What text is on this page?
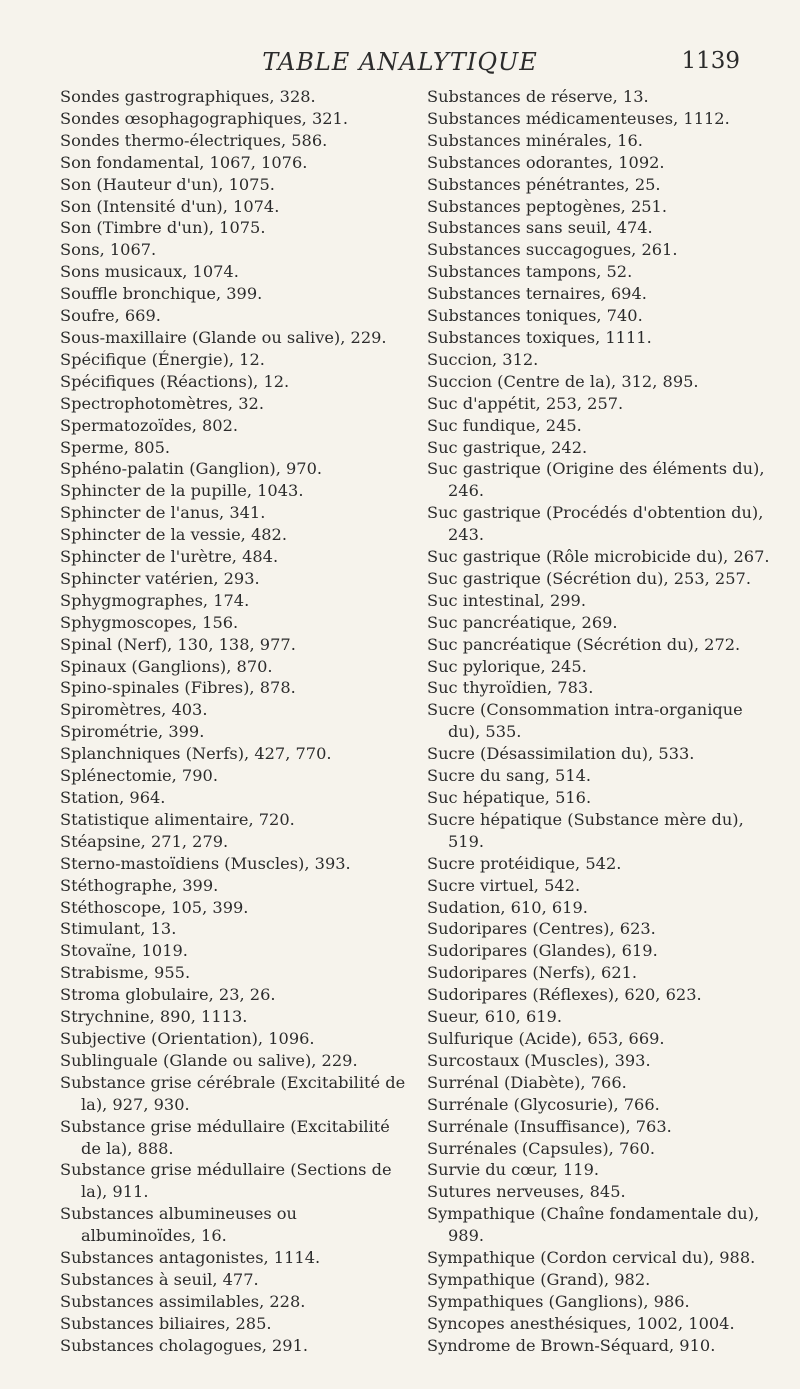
TABLE ANALYTIQUE	1139
Sondes gastrographiques, 328.
Sondes œsophagographiques, 321.
Sondes thermo-électriques, 586.
Son fondamental, 1067, 1076.
Son (Hauteur d'un), 1075.
Son (Intensité d'un), 1074.
Son (Timbre d'un), 1075.
Sons, 1067.
Sons musicaux, 1074.
Souffle bronchique, 399.
Soufre, 669.
Sous-maxillaire (Glande ou salive), 229.
Spécifique (Énergie), 12.
Spécifiques (Réactions), 12.
Spectrophotomètres, 32.
Spermatozoïdes, 802.
Sperme, 805.
Sphéno-palatin (Ganglion), 970.
Sphincter de la pupille, 1043.
Sphincter de l'anus, 341.
Sphincter de la vessie, 482.
Sphincter de l'urètre, 484.
Sphincter vatérien, 293.
Sphygmographes, 174.
Sphygmoscopes, 156.
Spinal (Nerf), 130, 138, 977.
Spinaux (Ganglions), 870.
Spino-spinales (Fibres), 878.
Spiromètres, 403.
Spirométrie, 399.
Splanchniques (Nerfs), 427, 770.
Splénectomie, 790.
Station, 964.
Statistique alimentaire, 720.
Stéapsine, 271, 279.
Sterno-mastoïdiens (Muscles), 393.
Stéthographe, 399.
Stéthoscope, 105, 399.
Stimulant, 13.
Stovaïne, 1019.
Strabisme, 955.
Stroma globulaire, 23, 26.
Strychnine, 890, 1113.
Subjective (Orientation), 1096.
Sublinguale (Glande ou salive), 229.
Substance grise cérébrale (Excitabilité de la), 927, 930.
Substance grise médullaire (Excitabilité de la), 888.
Substance grise médullaire (Sections de la), 911.
Substances albumineuses ou albuminoïdes, 16.
Substances antagonistes, 1114.
Substances à seuil, 477.
Substances assimilables, 228.
Substances biliaires, 285.
Substances cholagogues, 291.
Substances de réserve, 13.
Substances médicamenteuses, 1112.
Substances minérales, 16.
Substances odorantes, 1092.
Substances pénétrantes, 25.
Substances peptogènes, 251.
Substances sans seuil, 474.
Substances succagogues, 261.
Substances tampons, 52.
Substances ternaires, 694.
Substances toniques, 740.
Substances toxiques, 1111.
Succion, 312.
Succion (Centre de la), 312, 895.
Suc d'appétit, 253, 257.
Suc fundique, 245.
Suc gastrique, 242.
Suc gastrique (Origine des éléments du), 246.
Suc gastrique (Procédés d'obtention du), 243.
Suc gastrique (Rôle microbicide du), 267.
Suc gastrique (Sécrétion du), 253, 257.
Suc intestinal, 299.
Suc pancréatique, 269.
Suc pancréatique (Sécrétion du), 272.
Suc pylorique, 245.
Suc thyroïdien, 783.
Sucre (Consommation intra-organique du), 535.
Sucre (Désassimilation du), 533.
Sucre du sang, 514.
Suc hépatique, 516.
Sucre hépatique (Substance mère du), 519.
Sucre protéidique, 542.
Sucre virtuel, 542.
Sudation, 610, 619.
Sudoripares (Centres), 623.
Sudoripares (Glandes), 619.
Sudoripares (Nerfs), 621.
Sudoripares (Réflexes), 620, 623.
Sueur, 610, 619.
Sulfurique (Acide), 653, 669.
Surcostaux (Muscles), 393.
Surrénal (Diabète), 766.
Surrénale (Glycosurie), 766.
Surrénale (Insuffisance), 763.
Surrénales (Capsules), 760.
Survie du cœur, 119.
Sutures nerveuses, 845.
Sympathique (Chaîne fondamentale du), 989.
Sympathique (Cordon cervical du), 988.
Sympathique (Grand), 982.
Sympathiques (Ganglions), 986.
Syncopes anesthésiques, 1002, 1004.
Syndrome de Brown-Séquard, 910.
